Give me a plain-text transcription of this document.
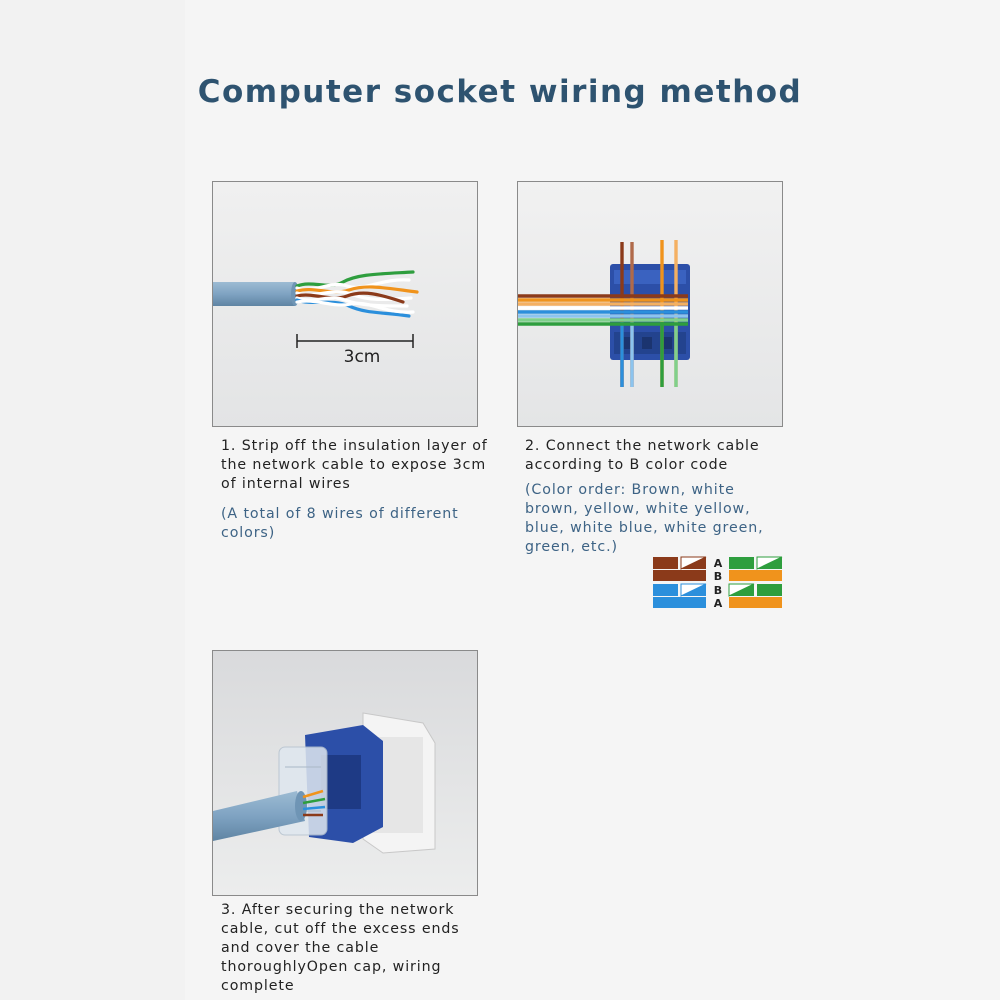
Computer socket wiring method
3cm
1. Strip off the insulation layer of the network cable to expose 3cm of internal wires
(A total of 8 wires of different colors)
2. Connect the network cable according to B color code
(Color order: Brown, white brown, yellow, white yellow, blue, white blue, white green, green, etc.)
A
B
B
A
3. After securing the network cable, cut off the excess ends and cover the cable thoroughlyOpen cap, wiring complete
